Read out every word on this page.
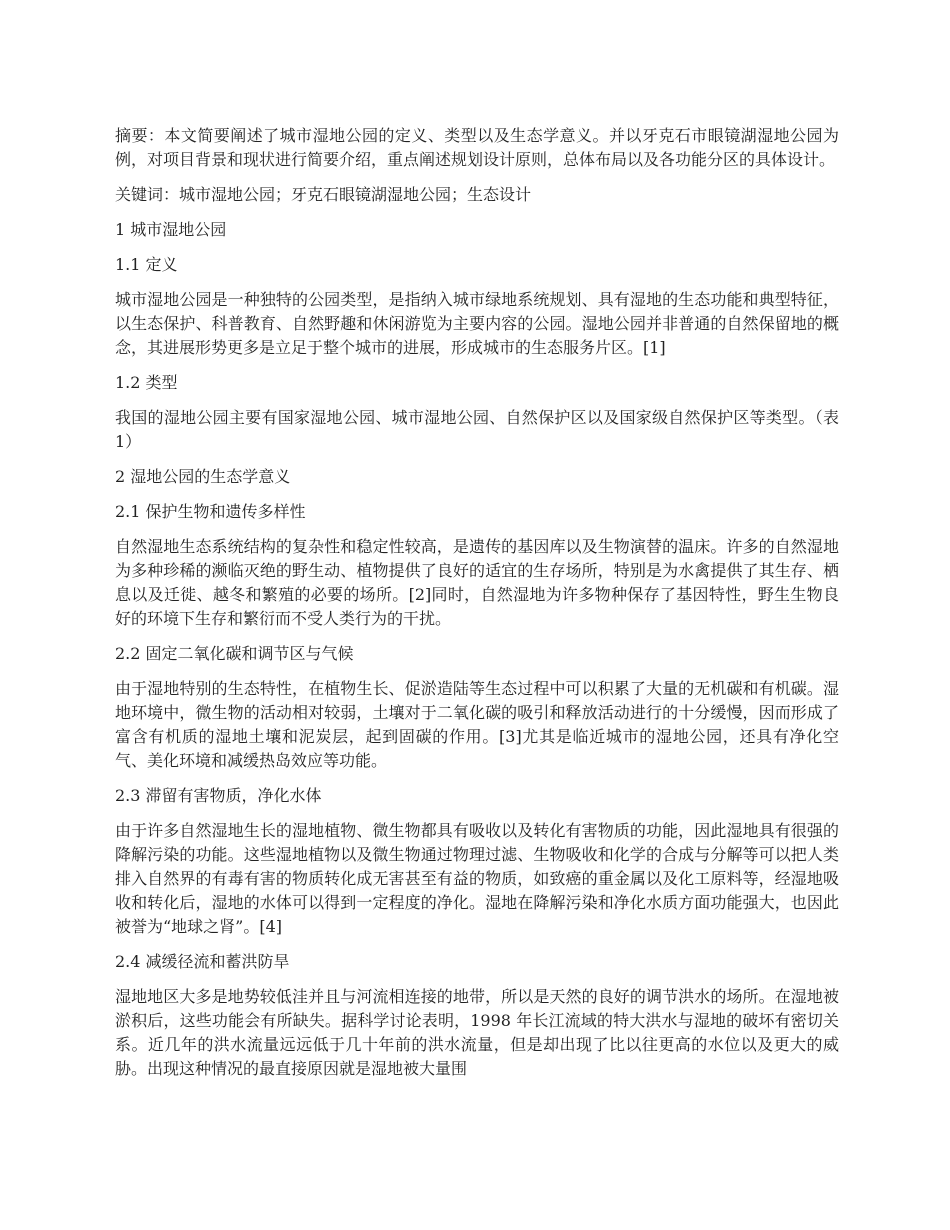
摘要：本文简要阐述了城市湿地公园的定义、类型以及生态学意义。并以牙克石市眼镜湖湿地公园为例，对项目背景和现状进行简要介绍，重点阐述规划设计原则，总体布局以及各功能分区的具体设计。

关键词：城市湿地公园；牙克石眼镜湖湿地公园；生态设计

1 城市湿地公园

1.1 定义

城市湿地公园是一种独特的公园类型，是指纳入城市绿地系统规划、具有湿地的生态功能和典型特征，以生态保护、科普教育、自然野趣和休闲游览为主要内容的公园。湿地公园并非普通的自然保留地的概念，其进展形势更多是立足于整个城市的进展，形成城市的生态服务片区。[1]

1.2 类型

我国的湿地公园主要有国家湿地公园、城市湿地公园、自然保护区以及国家级自然保护区等类型。（表 1）

2 湿地公园的生态学意义

2.1 保护生物和遗传多样性

自然湿地生态系统结构的复杂性和稳定性较高，是遗传的基因库以及生物演替的温床。许多的自然湿地为多种珍稀的濒临灭绝的野生动、植物提供了良好的适宜的生存场所，特别是为水禽提供了其生存、栖息以及迁徙、越冬和繁殖的必要的场所。[2]同时，自然湿地为许多物种保存了基因特性，野生生物良好的环境下生存和繁衍而不受人类行为的干扰。

2.2 固定二氧化碳和调节区与气候

由于湿地特别的生态特性，在植物生长、促淤造陆等生态过程中可以积累了大量的无机碳和有机碳。湿地环境中，微生物的活动相对较弱，土壤对于二氧化碳的吸引和释放活动进行的十分缓慢，因而形成了富含有机质的湿地土壤和泥炭层，起到固碳的作用。[3]尤其是临近城市的湿地公园，还具有净化空气、美化环境和减缓热岛效应等功能。

2.3 滞留有害物质，净化水体

由于许多自然湿地生长的湿地植物、微生物都具有吸收以及转化有害物质的功能，因此湿地具有很强的降解污染的功能。这些湿地植物以及微生物通过物理过滤、生物吸收和化学的合成与分解等可以把人类排入自然界的有毒有害的物质转化成无害甚至有益的物质，如致癌的重金属以及化工原料等，经湿地吸收和转化后，湿地的水体可以得到一定程度的净化。湿地在降解污染和净化水质方面功能强大，也因此被誉为“地球之肾”。[4]

2.4 减缓径流和蓄洪防旱

湿地地区大多是地势较低洼并且与河流相连接的地带，所以是天然的良好的调节洪水的场所。在湿地被淤积后，这些功能会有所缺失。据科学讨论表明，1998 年长江流域的特大洪水与湿地的破坏有密切关系。近几年的洪水流量远远低于几十年前的洪水流量，但是却出现了比以往更高的水位以及更大的威胁。出现这种情况的最直接原因就是湿地被大量围
